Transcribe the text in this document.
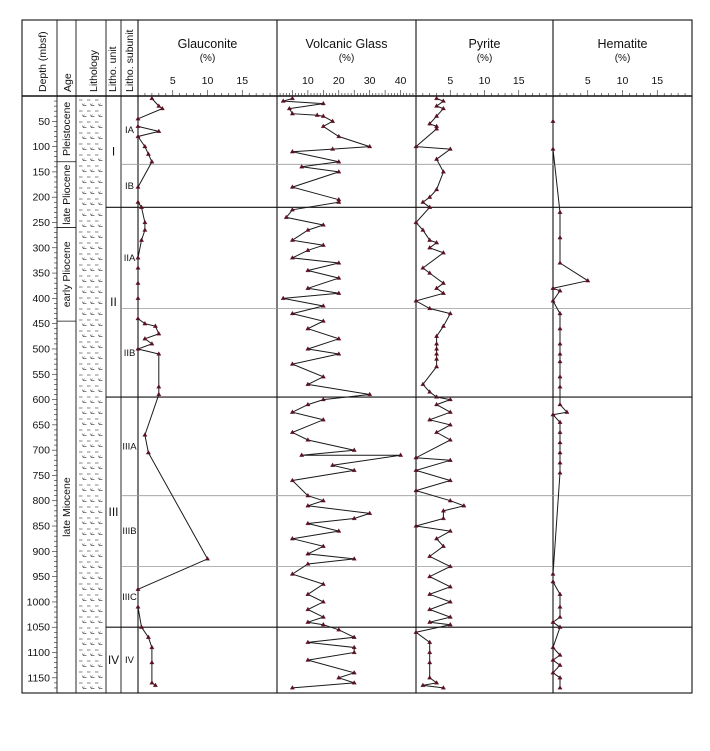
Depth (mbsf) Age Lithology Litho. unit Litho. subunit
50
100
150
200
250
300
350
400
450
500
550
600
650
700
750
800
850
900
950
1000
1050
1100
1150
Pleistocene
late Pliocene
early Pliocene
late Miocene
I
II
III
IV
IA
IB
IIA
IIB
IIIA
IIIB
IIIC
IV
Glauconite
(%)
5 10 15
Volcanic Glass
(%)
10 20 30 40
Pyrite
(%)
5 10 15
Hematite
(%)
5 10 15
